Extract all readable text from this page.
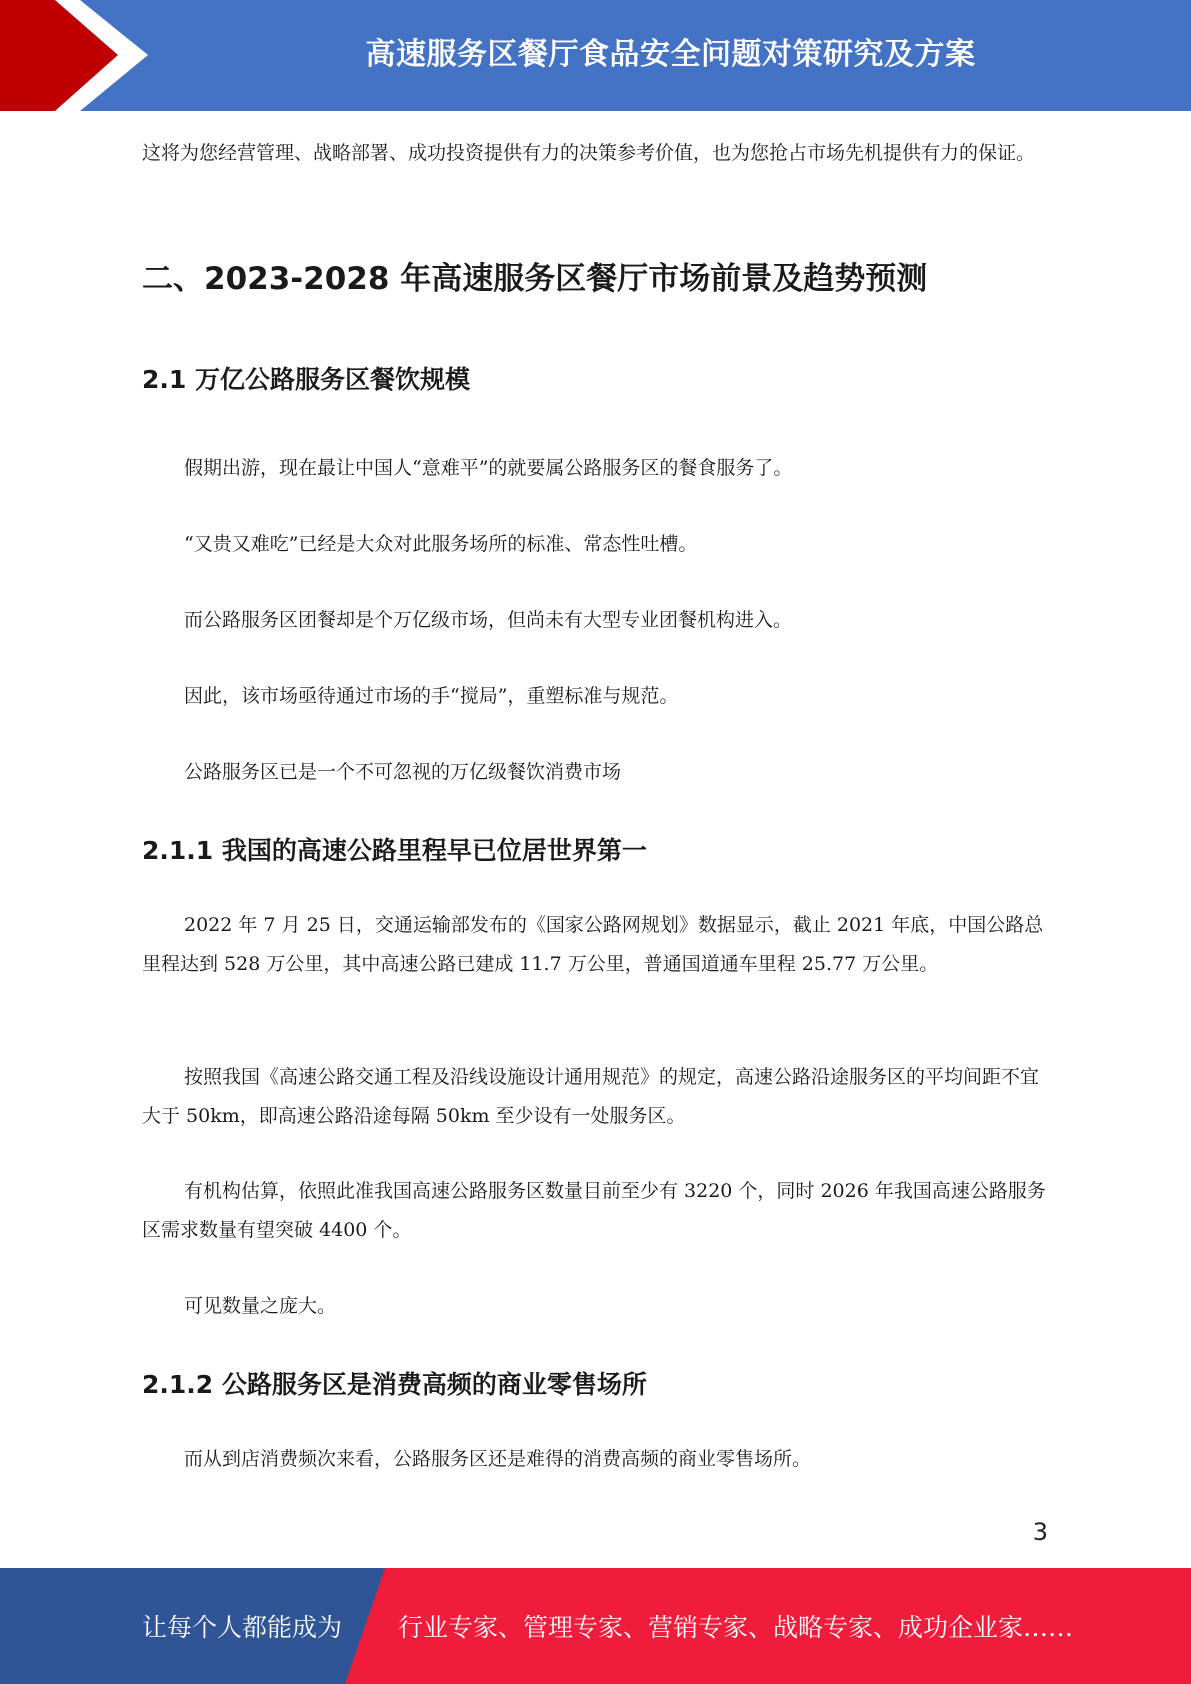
高速服务区餐厅食品安全问题对策研究及方案

这将为您经营管理、战略部署、成功投资提供有力的决策参考价值，也为您抢占市场先机提供有力的保证。

二、2023-2028 年高速服务区餐厅市场前景及趋势预测
2.1 万亿公路服务区餐饮规模

假期出游，现在最让中国人“意难平”的就要属公路服务区的餐食服务了。

“又贵又难吃”已经是大众对此服务场所的标准、常态性吐槽。

而公路服务区团餐却是个万亿级市场，但尚未有大型专业团餐机构进入。

因此，该市场亟待通过市场的手“搅局”，重塑标准与规范。

公路服务区已是一个不可忽视的万亿级餐饮消费市场

2.1.1 我国的高速公路里程早已位居世界第一

2022 年 7 月 25 日，交通运输部发布的《国家公路网规划》数据显示，截止 2021 年底，中国公路总里程达到 528 万公里，其中高速公路已建成 11.7 万公里，普通国道通车里程 25.77 万公里。

按照我国《高速公路交通工程及沿线设施设计通用规范》的规定，高速公路沿途服务区的平均间距不宜大于 50km，即高速公路沿途每隔 50km 至少设有一处服务区。

有机构估算，依照此准我国高速公路服务区数量目前至少有 3220 个，同时 2026 年我国高速公路服务区需求数量有望突破 4400 个。

可见数量之庞大。

2.1.2 公路服务区是消费高频的商业零售场所

而从到店消费频次来看，公路服务区还是难得的消费高频的商业零售场所。

3
让每个人都能成为 行业专家、管理专家、营销专家、战略专家、成功企业家……
